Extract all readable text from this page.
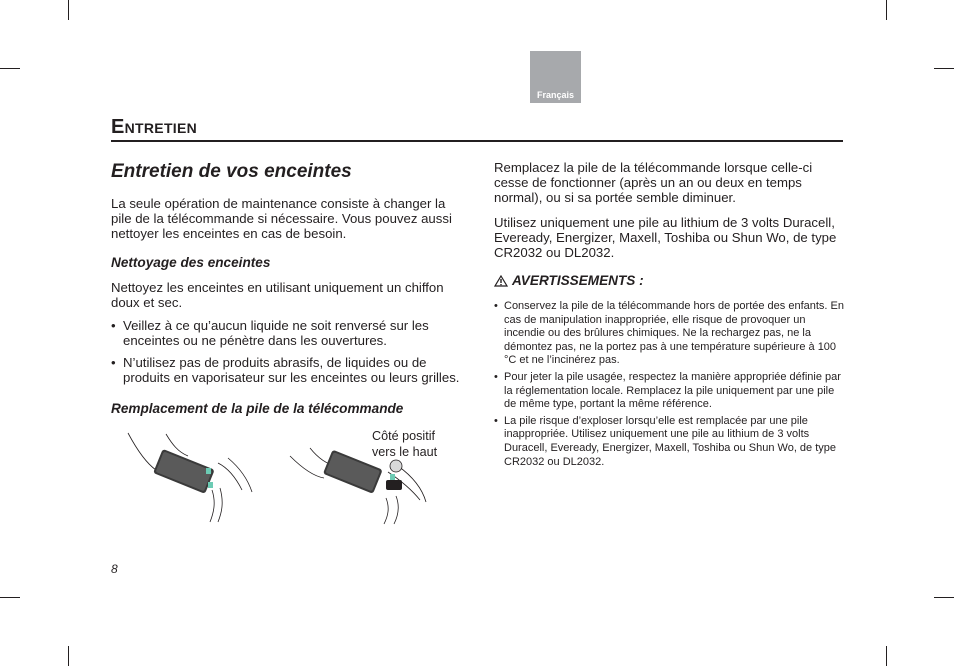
Français
Entretien
Entretien de vos enceintes

La seule opération de maintenance consiste à changer la pile de la télécommande si nécessaire. Vous pouvez aussi nettoyer les enceintes en cas de besoin.

Nettoyage des enceintes

Nettoyez les enceintes en utilisant uniquement un chiffon doux et sec.

• Veillez à ce qu’aucun liquide ne soit renversé sur les enceintes ou ne pénètre dans les ouvertures.
• N’utilisez pas de produits abrasifs, de liquides ou de produits en vaporisateur sur les enceintes ou leurs grilles.
Remplacement de la pile de la télécommande
Côté positif vers le haut

Remplacez la pile de la télécommande lorsque celle-ci cesse de fonctionner (après un an ou deux en temps normal), ou si sa portée semble diminuer.

Utilisez uniquement une pile au lithium de 3 volts Duracell, Eveready, Energizer, Maxell, Toshiba ou Shun Wo, de type CR2032 ou DL2032.

AVERTISSEMENTS :
• Conservez la pile de la télécommande hors de portée des enfants. En cas de manipulation inappropriée, elle risque de provoquer un incendie ou des brûlures chimiques. Ne la rechargez pas, ne la démontez pas, ne la portez pas à une température supérieure à 100 °C et ne l’incinérez pas.
• Pour jeter la pile usagée, respectez la manière appropriée définie par la réglementation locale. Remplacez la pile uniquement par une pile de même type, portant la même référence.
• La pile risque d’exploser lorsqu’elle est remplacée par une pile inappropriée. Utilisez uniquement une pile au lithium de 3 volts Duracell, Eveready, Energizer, Maxell, Toshiba ou Shun Wo, de type CR2032 ou DL2032.
8
